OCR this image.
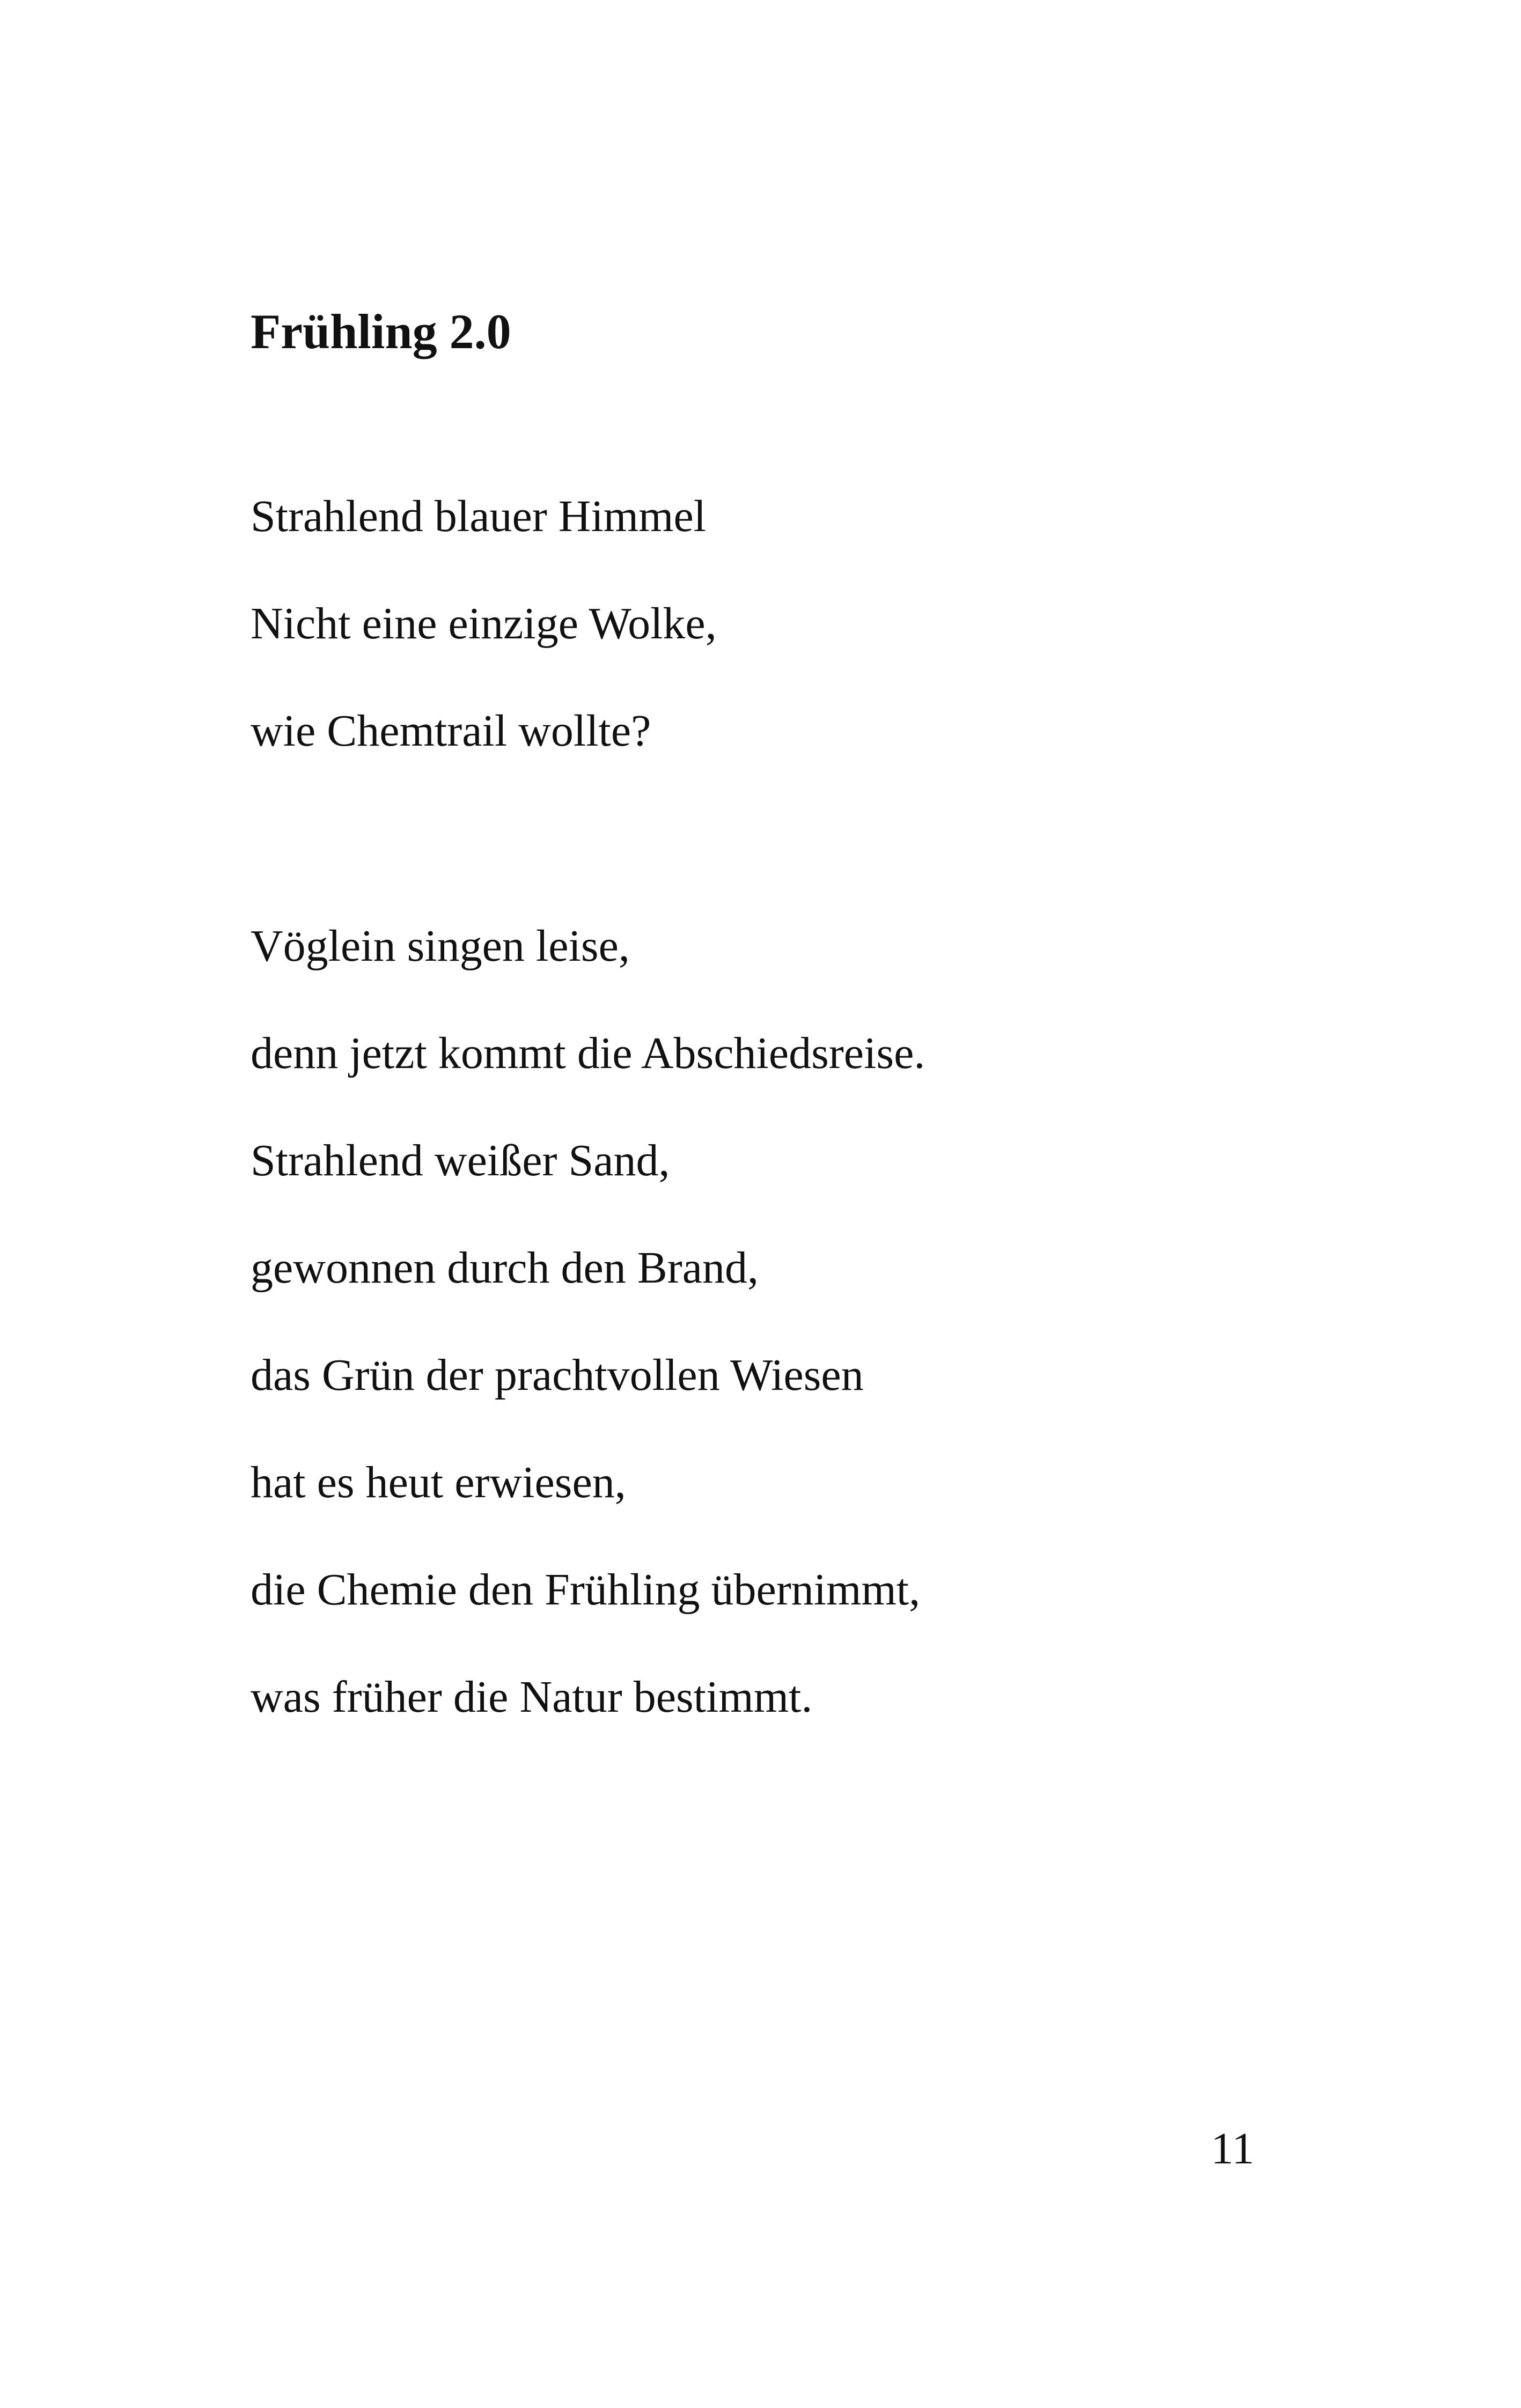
Frühling 2.0

Strahlend blauer Himmel

Nicht eine einzige Wolke,

wie Chemtrail wollte?

Vöglein singen leise,

denn jetzt kommt die Abschiedsreise.

Strahlend weißer Sand,

gewonnen durch den Brand,

das Grün der prachtvollen Wiesen

hat es heut erwiesen,

die Chemie den Frühling übernimmt,

was früher die Natur bestimmt.

11
